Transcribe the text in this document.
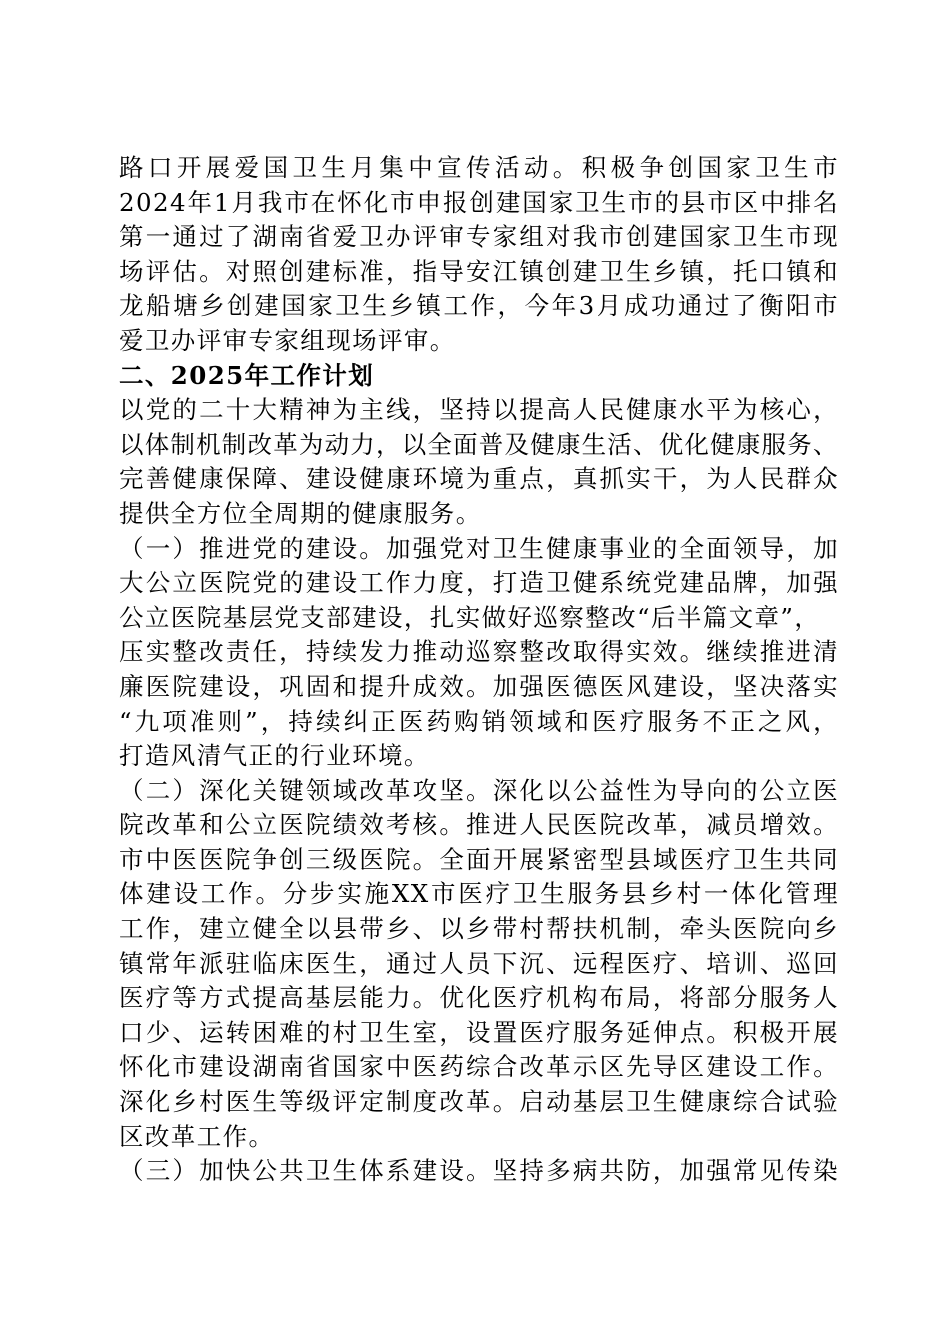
路口开展爱国卫生月集中宣传活动。积极争创国家卫生市
2024年1月我市在怀化市申报创建国家卫生市的县市区中排名
第一通过了湖南省爱卫办评审专家组对我市创建国家卫生市现
场评估。对照创建标准，指导安江镇创建卫生乡镇，托口镇和
龙船塘乡创建国家卫生乡镇工作，今年3月成功通过了衡阳市
爱卫办评审专家组现场评审。
二、2025年工作计划
以党的二十大精神为主线，坚持以提高人民健康水平为核心，
以体制机制改革为动力，以全面普及健康生活、优化健康服务、
完善健康保障、建设健康环境为重点，真抓实干，为人民群众
提供全方位全周期的健康服务。
（一）推进党的建设。加强党对卫生健康事业的全面领导，加
大公立医院党的建设工作力度，打造卫健系统党建品牌，加强
公立医院基层党支部建设，扎实做好巡察整改“后半篇文章”，
压实整改责任，持续发力推动巡察整改取得实效。继续推进清
廉医院建设，巩固和提升成效。加强医德医风建设，坚决落实
“九项准则”，持续纠正医药购销领域和医疗服务不正之风，
打造风清气正的行业环境。
（二）深化关键领域改革攻坚。深化以公益性为导向的公立医
院改革和公立医院绩效考核。推进人民医院改革，减员增效。
市中医医院争创三级医院。全面开展紧密型县域医疗卫生共同
体建设工作。分步实施XX市医疗卫生服务县乡村一体化管理
工作，建立健全以县带乡、以乡带村帮扶机制，牵头医院向乡
镇常年派驻临床医生，通过人员下沉、远程医疗、培训、巡回
医疗等方式提高基层能力。优化医疗机构布局，将部分服务人
口少、运转困难的村卫生室，设置医疗服务延伸点。积极开展
怀化市建设湖南省国家中医药综合改革示区先导区建设工作。
深化乡村医生等级评定制度改革。启动基层卫生健康综合试验
区改革工作。
（三）加快公共卫生体系建设。坚持多病共防，加强常见传染
